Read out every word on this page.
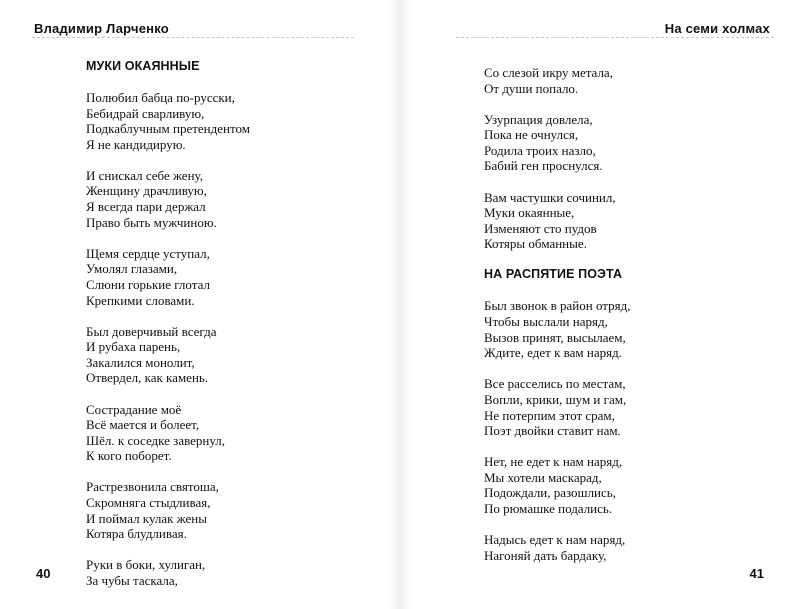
Владимир Ларченко
МУКИ ОКАЯННЫЕ
Полюбил бабца по-русски,
Бебидрай сварливую,
Подкаблучным претендентом
Я не кандидирую.
И снискал себе жену,
Женщину драчливую,
Я всегда пари держал
Право быть мужчиною.
Щемя сердце уступал,
Умолял глазами,
Слюни горькие глотал
Крепкими словами.
Был доверчивый всегда
И рубаха парень,
Закалился монолит,
Отвердел, как камень.
Сострадание моё
Всё мается и болеет,
Шёл. к соседке завернул,
К кого поборет.
Растрезвонила святоша,
Скромняга стыдливая,
И поймал кулак жены
Котяра блудливая.
Руки в боки, хулиган,
За чубы таскала,
40
На семи холмах
Со слезой икру метала,
От души попало.
Узурпация довлела,
Пока не очнулся,
Родила троих назло,
Бабий ген проснулся.
Вам частушки сочинил,
Муки окаянные,
Изменяют сто пудов
Котяры обманные.
НА РАСПЯТИЕ ПОЭТА
Был звонок в район отряд,
Чтобы выслали наряд,
Вызов принят, высылаем,
Ждите, едет к вам наряд.
Все расселись по местам,
Вопли, крики, шум и гам,
Не потерпим этот срам,
Поэт двойки ставит нам.
Нет, не едет к нам наряд,
Мы хотели маскарад,
Подождали, разошлись,
По рюмашке подались.
Надысь едет к нам наряд,
Нагоняй дать бардаку,
41
